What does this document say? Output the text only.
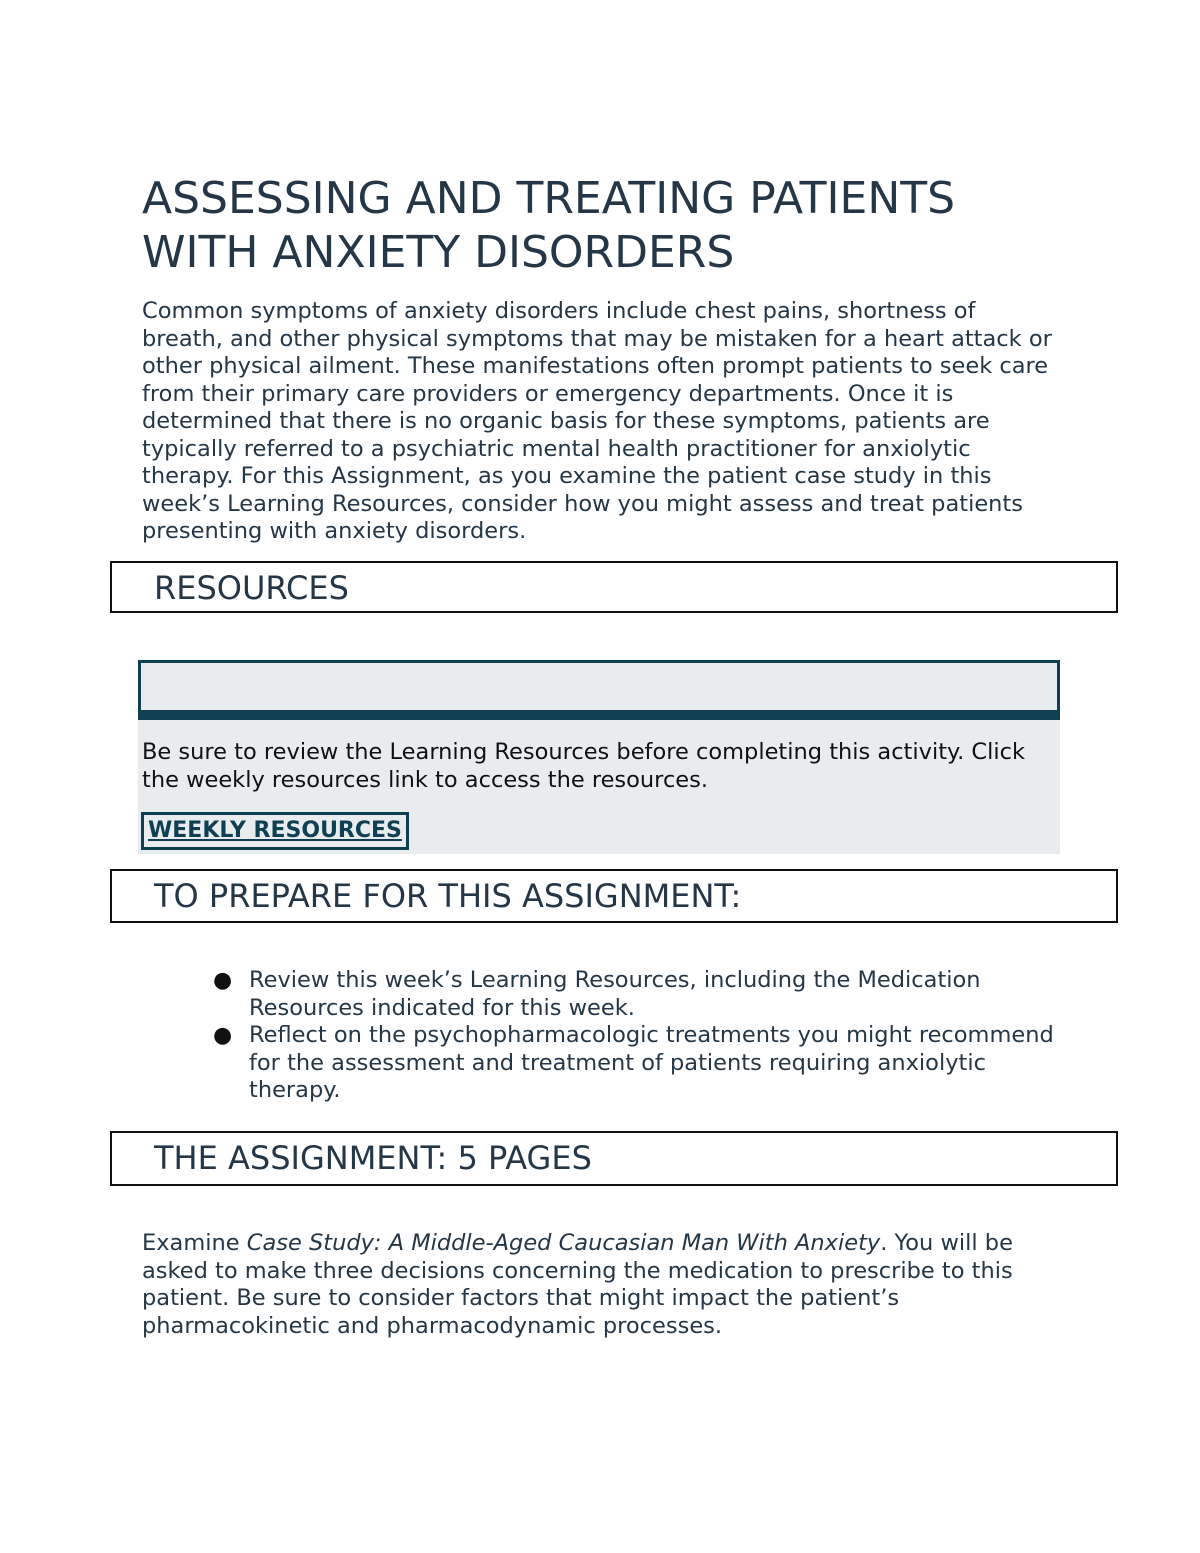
ASSESSING AND TREATING PATIENTS WITH ANXIETY DISORDERS

Common symptoms of anxiety disorders include chest pains, shortness of breath, and other physical symptoms that may be mistaken for a heart attack or other physical ailment. These manifestations often prompt patients to seek care from their primary care providers or emergency departments. Once it is determined that there is no organic basis for these symptoms, patients are typically referred to a psychiatric mental health practitioner for anxiolytic therapy. For this Assignment, as you examine the patient case study in this week’s Learning Resources, consider how you might assess and treat patients presenting with anxiety disorders.

RESOURCES

Be sure to review the Learning Resources before completing this activity. Click the weekly resources link to access the resources.

WEEKLY RESOURCES
TO PREPARE FOR THIS ASSIGNMENT:
● Review this week’s Learning Resources, including the Medication Resources indicated for this week.
● Reflect on the psychopharmacologic treatments you might recommend for the assessment and treatment of patients requiring anxiolytic therapy.
THE ASSIGNMENT: 5 PAGES

Examine Case Study: A Middle-Aged Caucasian Man With Anxiety. You will be asked to make three decisions concerning the medication to prescribe to this patient. Be sure to consider factors that might impact the patient’s pharmacokinetic and pharmacodynamic processes.
